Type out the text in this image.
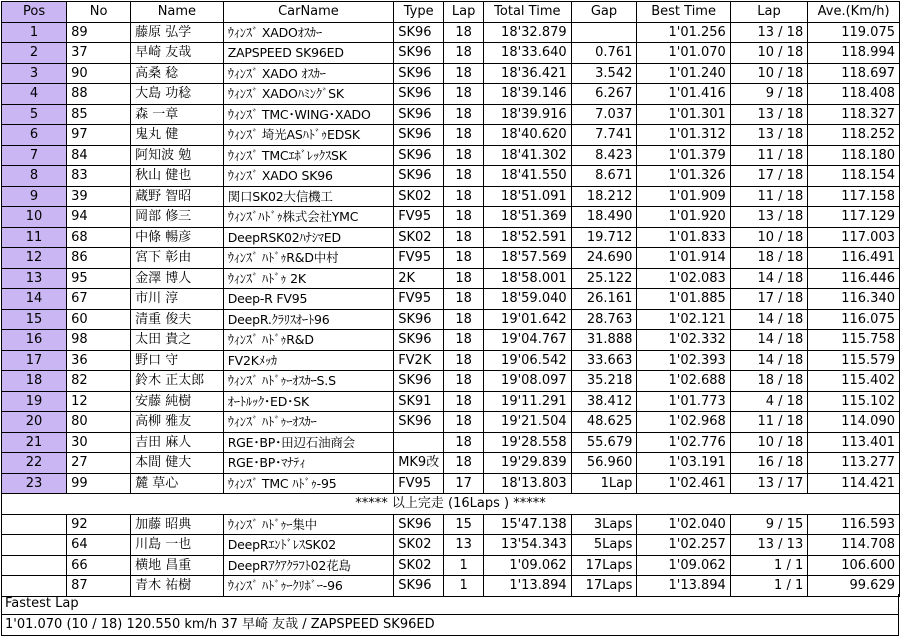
Pos	No	Name	CarName	Type	Lap	Total Time	Gap	Best Time	Lap	Ave.(Km/h)
1	89	藤原 弘学	ｳｨﾝｽﾞ XADOｵｽｶｰ	SK96	18	18'32.879		1'01.256	13 / 18	119.075
2	37	早崎 友哉	ZAPSPEED SK96ED	SK96	18	18'33.640	0.761	1'01.070	10 / 18	118.994
3	90	高桑 稔	ｳｨﾝｽﾞ XADO ｵｽｶｰ	SK96	18	18'36.421	3.542	1'01.240	10 / 18	118.697
4	88	大島 功稔	ｳｨﾝｽﾞ XADOﾊﾐﾝｸﾞSK	SK96	18	18'39.146	6.267	1'01.416	9 / 18	118.408
5	85	森 一章	ｳｨﾝｽﾞ TMC･WING･XADO	SK96	18	18'39.916	7.037	1'01.301	13 / 18	118.327
6	97	鬼丸 健	ｳｨﾝｽﾞ 埼光ASﾊﾄﾞｩEDSK	SK96	18	18'40.620	7.741	1'01.312	13 / 18	118.252
7	84	阿知波 勉	ｳｨﾝｽﾞ TMCｴﾎﾞﾚｯｸｽSK	SK96	18	18'41.302	8.423	1'01.379	11 / 18	118.180
8	83	秋山 健也	ｳｨﾝｽﾞ XADO SK96	SK96	18	18'41.550	8.671	1'01.326	17 / 18	118.154
9	39	蔵野 智昭	関口SK02大信機工	SK02	18	18'51.091	18.212	1'01.909	11 / 18	117.158
10	94	岡部 修三	ｳｨﾝｽﾞﾊﾄﾞｩ株式会社YMC	FV95	18	18'51.369	18.490	1'01.920	13 / 18	117.129
11	68	中條 暢彦	DeepRSK02ﾊﾅｼﾏED	SK02	18	18'52.591	19.712	1'01.833	10 / 18	117.003
12	86	宮下 彰由	ｳｨﾝｽﾞ ﾊﾄﾞｩR&D中村	FV95	18	18'57.569	24.690	1'01.914	18 / 18	116.491
13	95	金澤 博人	ｳｨﾝｽﾞ ﾊﾄﾞｩ 2K	2K	18	18'58.001	25.122	1'02.083	14 / 18	116.446
14	67	市川 淳	Deep-R FV95	FV95	18	18'59.040	26.161	1'01.885	17 / 18	116.340
15	60	清重 俊夫	DeepR.ｸﾗﾘｽｵｰﾄ96	SK96	18	19'01.642	28.763	1'02.121	14 / 18	116.075
16	98	太田 貴之	ｳｨﾝｽﾞ ﾊﾄﾞｩR&D	SK96	18	19'04.767	31.888	1'02.332	14 / 18	115.758
17	36	野口 守	FV2Kﾒｯｶ	FV2K	18	19'06.542	33.663	1'02.393	14 / 18	115.579
18	82	鈴木 正太郎	ｳｨﾝｽﾞ ﾊﾄﾞｩｰｵｽｶｰS.S	SK96	18	19'08.097	35.218	1'02.688	18 / 18	115.402
19	12	安藤 純樹	ｵｰﾄﾙｯｸ･ED･SK	SK91	18	19'11.291	38.412	1'01.773	4 / 18	115.102
20	80	高柳 雅友	ｳｨﾝｽﾞ ﾊﾄﾞｩｰｵｽｶｰ	SK96	18	19'21.504	48.625	1'02.968	11 / 18	114.090
21	30	吉田 麻人	RGE･BP･田辺石油商会		18	19'28.558	55.679	1'02.776	10 / 18	113.401
22	27	本間 健大	RGE･BP･ﾏﾅﾃｨ	MK9改	18	19'29.839	56.960	1'03.191	16 / 18	113.277
23	99	麓 草心	ｳｨﾝｽﾞ TMC ﾊﾄﾞｩ-95	FV95	17	18'13.803	1Lap	1'02.461	13 / 17	114.421
***** 以上完走 (16Laps ) *****										
	92	加藤 昭典	ｳｨﾝｽﾞ ﾊﾄﾞｩｰ集中	SK96	15	15'47.138	3Laps	1'02.040	9 / 15	116.593
	64	川島 一也	DeepRｴﾝﾄﾞﾚｽSK02	SK02	13	13'54.343	5Laps	1'02.257	13 / 13	114.708
	66	横地 昌重	DeepRｱｸｱｸﾗﾌﾄ02花島	SK02	1	1'09.062	17Laps	1'09.062	1 / 1	106.600
	87	青木 祐樹	ｳｨﾝｽﾞ ﾊﾄﾞｩｰｸﾘﾎﾞｰ-96	SK96	1	1'13.894	17Laps	1'13.894	1 / 1	99.629
Fastest Lap
1'01.070 (10 / 18) 120.550 km/h 37 早崎 友哉 / ZAPSPEED SK96ED
